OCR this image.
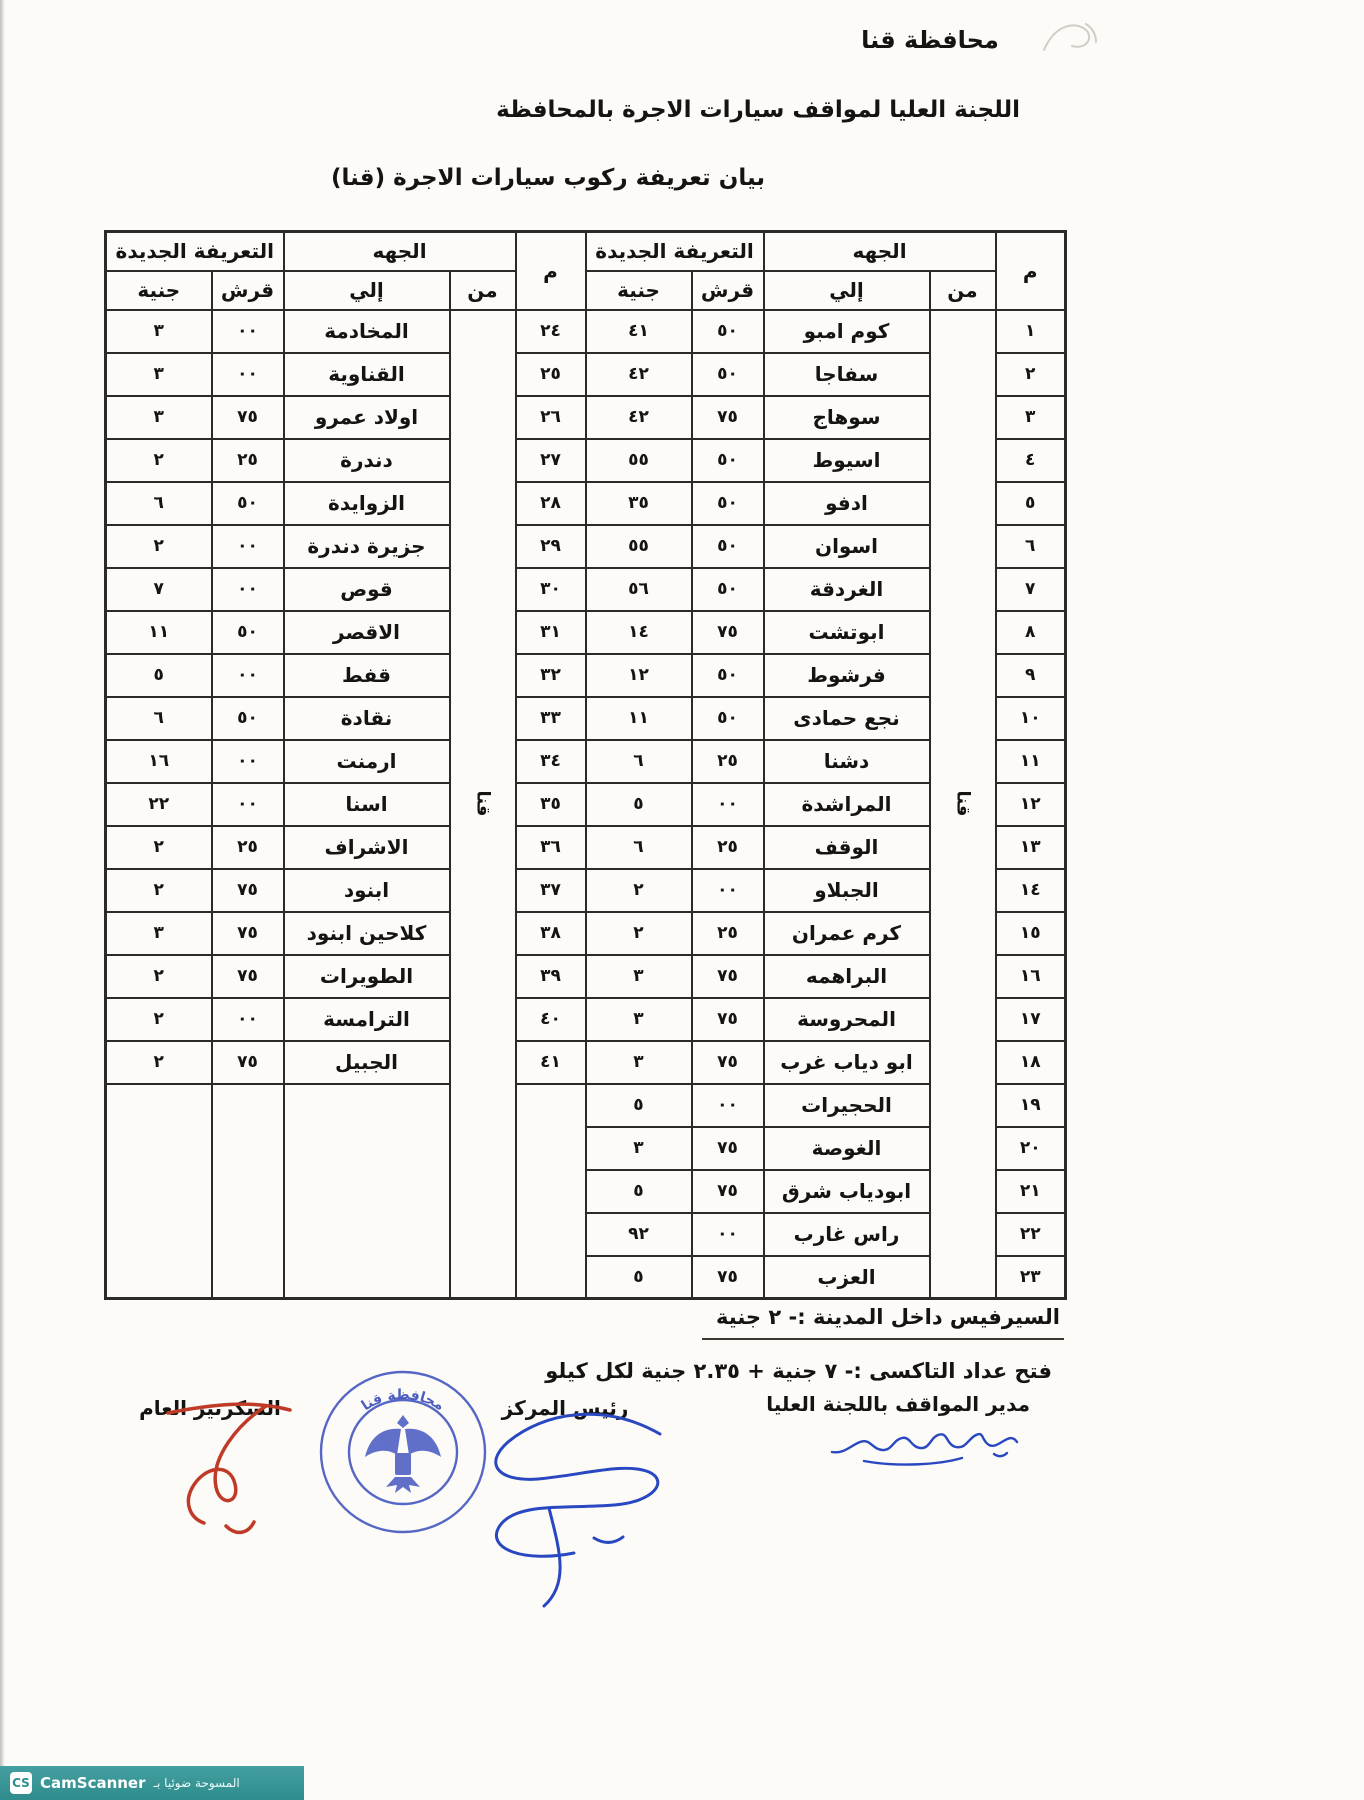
محافظة قنا
اللجنة العليا لمواقف سيارات الاجرة بالمحافظة
بيان تعريفة ركوب سيارات الاجرة (قنا)
م	الجهه		التعريفة الجديدة		م	الجهه		التعريفة الجديدة	
	من	إلي	قرش	جنية		من	إلي	قرش	جنية
١	قنا	كوم امبو	٥٠	٤١	٢٤	قنا	المخادمة	٠٠	٣
٢		سفاجا	٥٠	٤٢	٢٥		القناوية	٠٠	٣
٣		سوهاج	٧٥	٤٢	٢٦		اولاد عمرو	٧٥	٣
٤		اسيوط	٥٠	٥٥	٢٧		دندرة	٢٥	٢
٥		ادفو	٥٠	٣٥	٢٨		الزوايدة	٥٠	٦
٦		اسوان	٥٠	٥٥	٢٩		جزيرة دندرة	٠٠	٢
٧		الغردقة	٥٠	٥٦	٣٠		قوص	٠٠	٧
٨		ابوتشت	٧٥	١٤	٣١		الاقصر	٥٠	١١
٩		فرشوط	٥٠	١٢	٣٢		قفط	٠٠	٥
١٠		نجع حمادى	٥٠	١١	٣٣		نقادة	٥٠	٦
١١		دشنا	٢٥	٦	٣٤		ارمنت	٠٠	١٦
١٢		المراشدة	٠٠	٥	٣٥		اسنا	٠٠	٢٢
١٣		الوقف	٢٥	٦	٣٦		الاشراف	٢٥	٢
١٤		الجبلاو	٠٠	٢	٣٧		ابنود	٧٥	٢
١٥		كرم عمران	٢٥	٢	٣٨		كلاحين ابنود	٧٥	٣
١٦		البراهمه	٧٥	٣	٣٩		الطويرات	٧٥	٢
١٧		المحروسة	٧٥	٣	٤٠		الترامسة	٠٠	٢
١٨		ابو دياب غرب	٧٥	٣	٤١		الجبيل	٧٥	٢
١٩		الحجيرات	٠٠	٥					
٢٠		الغوصة	٧٥	٣					
٢١		ابودياب شرق	٧٥	٥					
٢٢		راس غارب	٠٠	٩٢					
٢٣		العزب	٧٥	٥					
السيرفيس داخل المدينة :- ٢ جنية
فتح عداد التاكسى :- ٧ جنية + ٢.٣٥ جنية لكل كيلو
مدير المواقف باللجنة العليا
رئيس المركز
السكرتير العام	محافظة قنا
CS CamScanner المسوحة ضوئيا بـ
